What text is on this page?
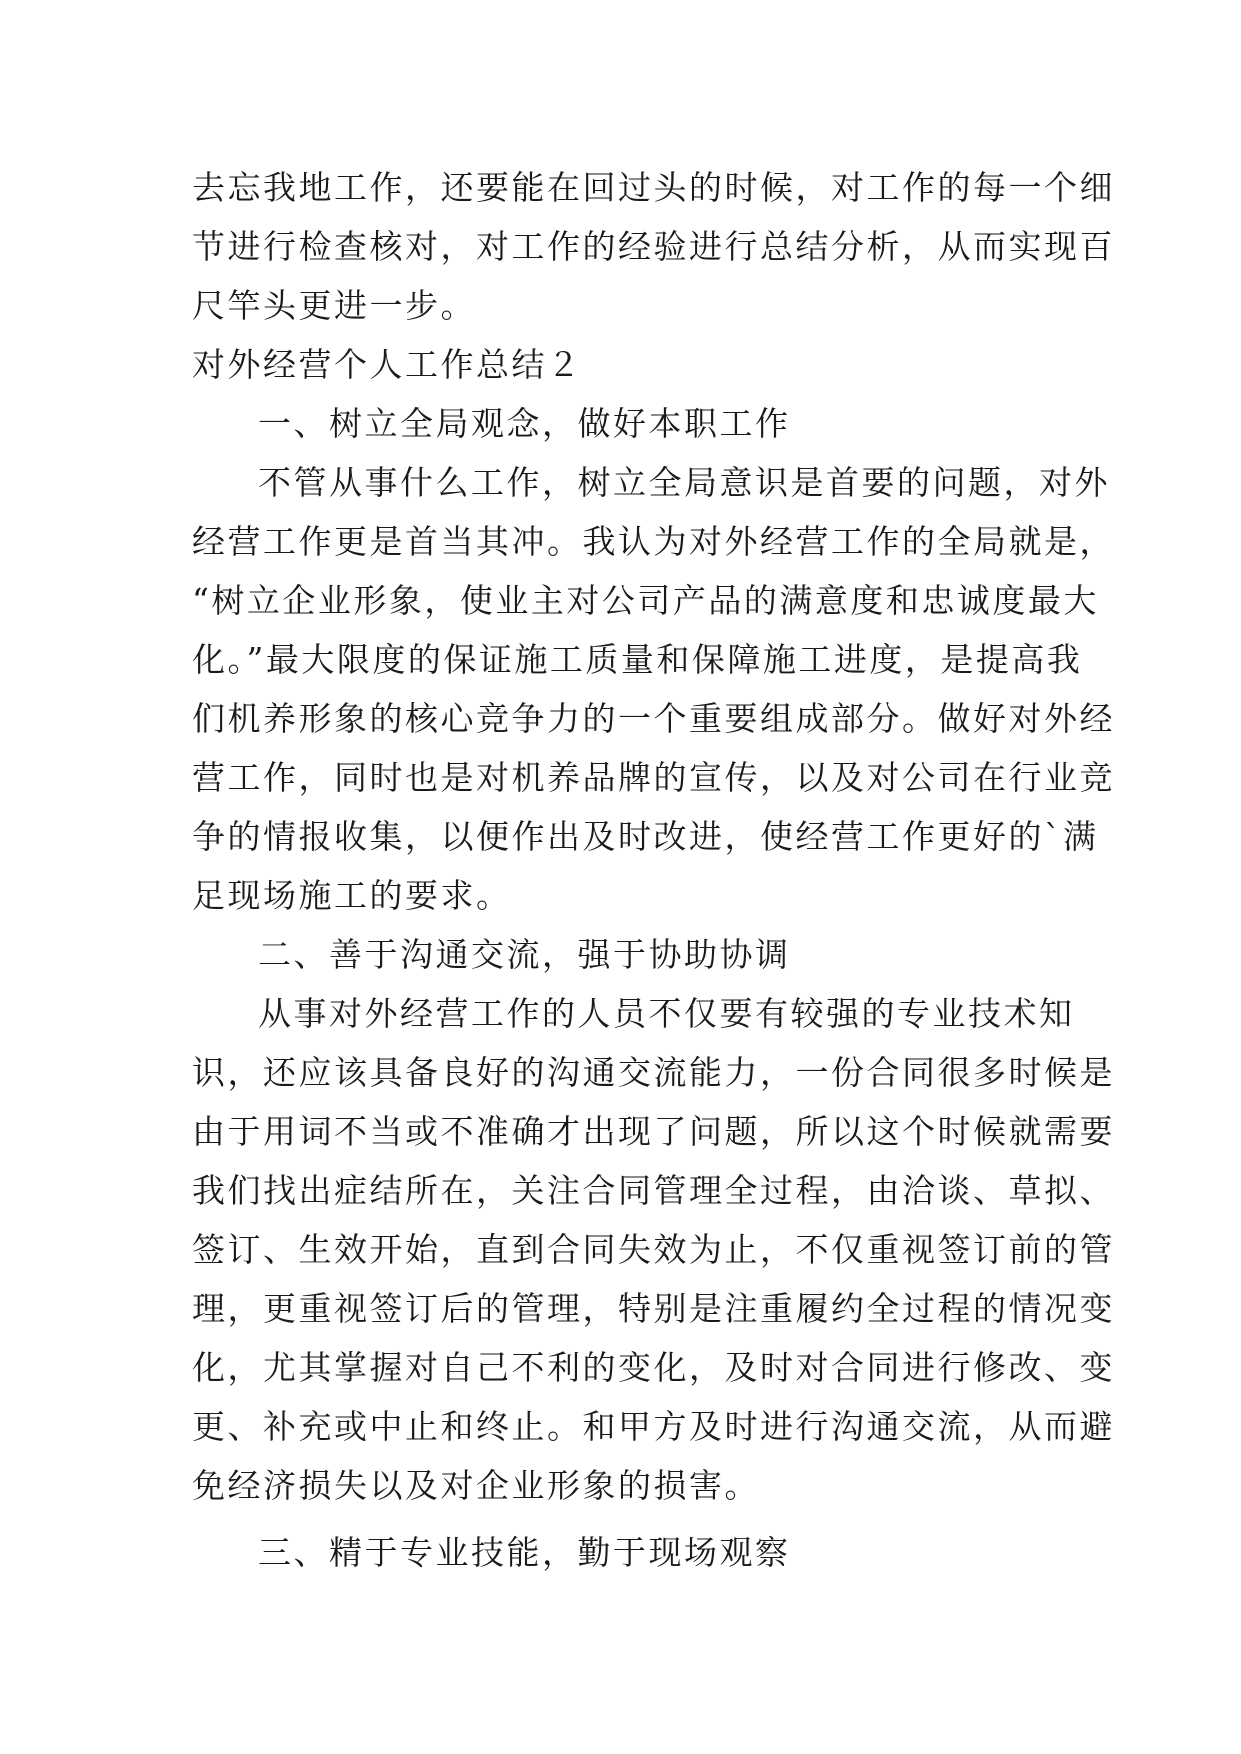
去忘我地工作，还要能在回过头的时候，对工作的每一个细
节进行检查核对，对工作的经验进行总结分析，从而实现百
尺竿头更进一步。
对外经营个人工作总结２
一、树立全局观念，做好本职工作
不管从事什么工作，树立全局意识是首要的问题，对外
经营工作更是首当其冲。我认为对外经营工作的全局就是，
“树立企业形象，使业主对公司产品的满意度和忠诚度最大
化。”最大限度的保证施工质量和保障施工进度，是提高我
们机养形象的核心竞争力的一个重要组成部分。做好对外经
营工作，同时也是对机养品牌的宣传，以及对公司在行业竞
争的情报收集，以便作出及时改进，使经营工作更好的`满
足现场施工的要求。
二、善于沟通交流，强于协助协调
从事对外经营工作的人员不仅要有较强的专业技术知
识，还应该具备良好的沟通交流能力，一份合同很多时候是
由于用词不当或不准确才出现了问题，所以这个时候就需要
我们找出症结所在，关注合同管理全过程，由洽谈、草拟、
签订、生效开始，直到合同失效为止，不仅重视签订前的管
理，更重视签订后的管理，特别是注重履约全过程的情况变
化，尤其掌握对自己不利的变化，及时对合同进行修改、变
更、补充或中止和终止。和甲方及时进行沟通交流，从而避
免经济损失以及对企业形象的损害。
三、精于专业技能，勤于现场观察
